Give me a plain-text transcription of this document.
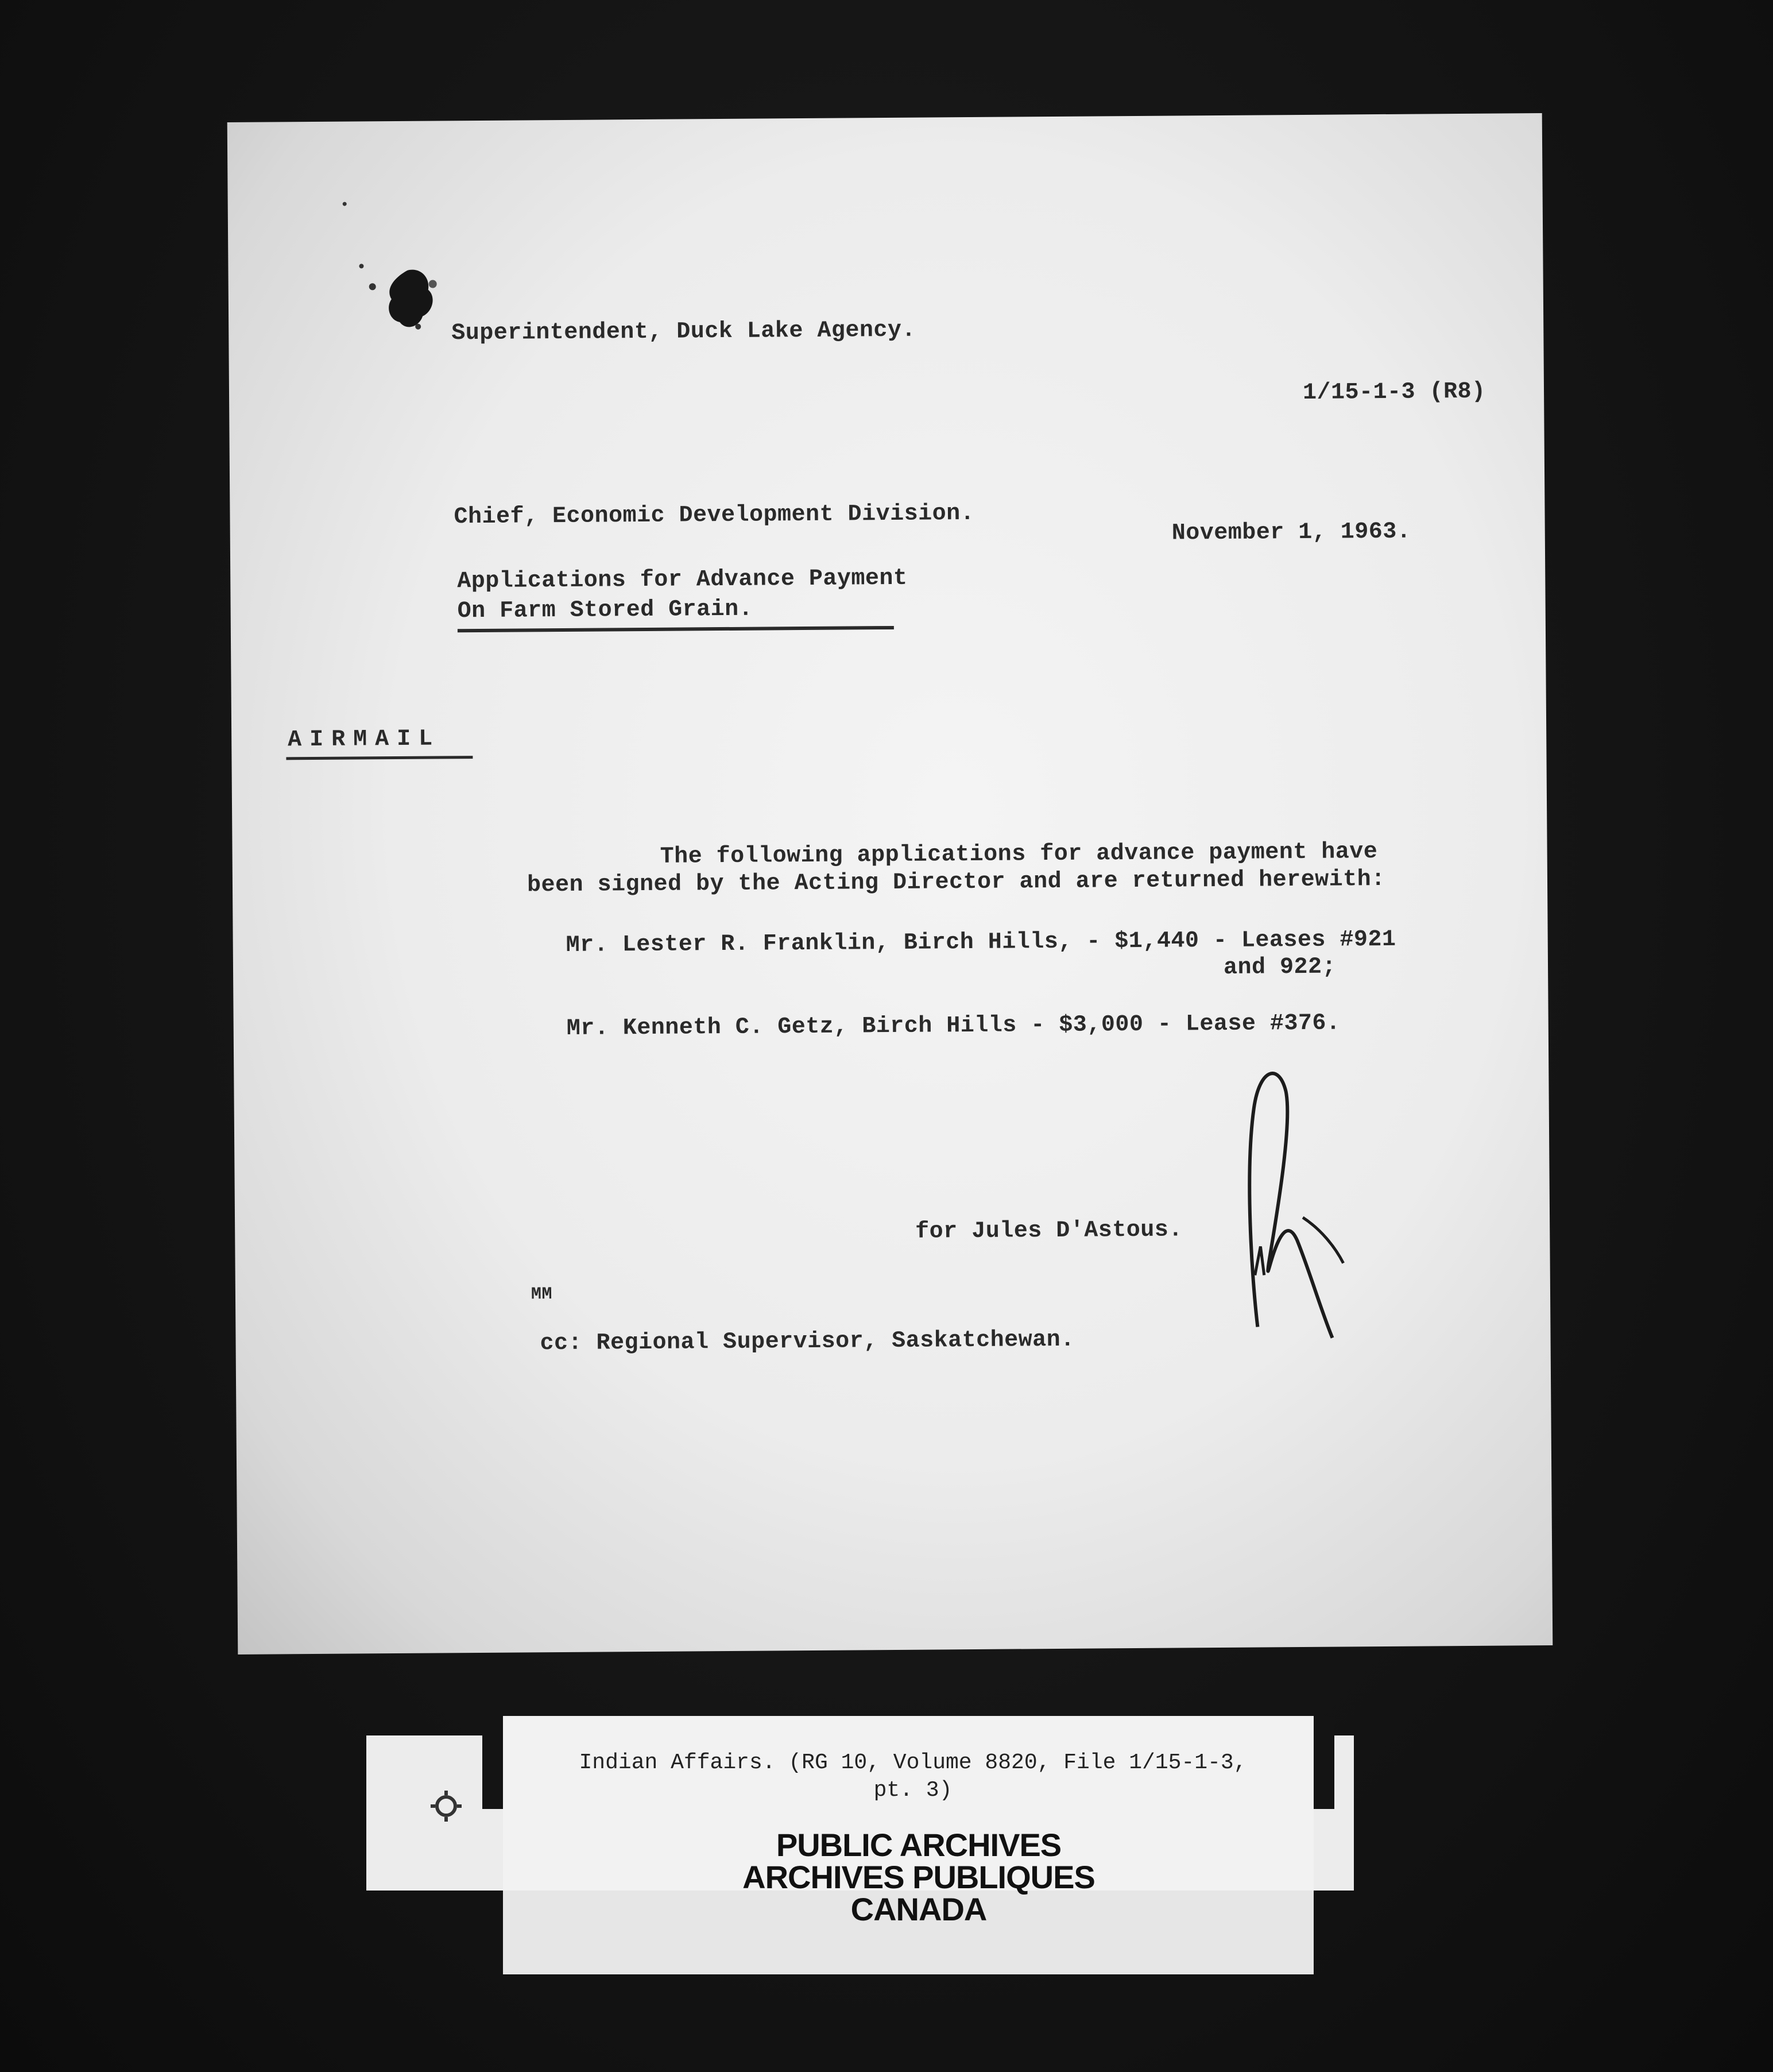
Superintendent, Duck Lake Agency.
1/15-1-3 (R8)
Chief, Economic Development Division.
November 1, 1963.
Applications for Advance Payment
On Farm Stored Grain.
AIRMAIL
The following applications for advance payment have
been signed by the Acting Director and are returned herewith:
Mr. Lester R. Franklin, Birch Hills, - $1,440 - Leases #921
and 922;
Mr. Kenneth C. Getz, Birch Hills - $3,000 - Lease #376.
for Jules D'Astous.
MM
cc: Regional Supervisor, Saskatchewan.
Indian Affairs. (RG 10, Volume 8820, File 1/15-1-3,
pt. 3)
PUBLIC ARCHIVES
ARCHIVES PUBLIQUES
CANADA
